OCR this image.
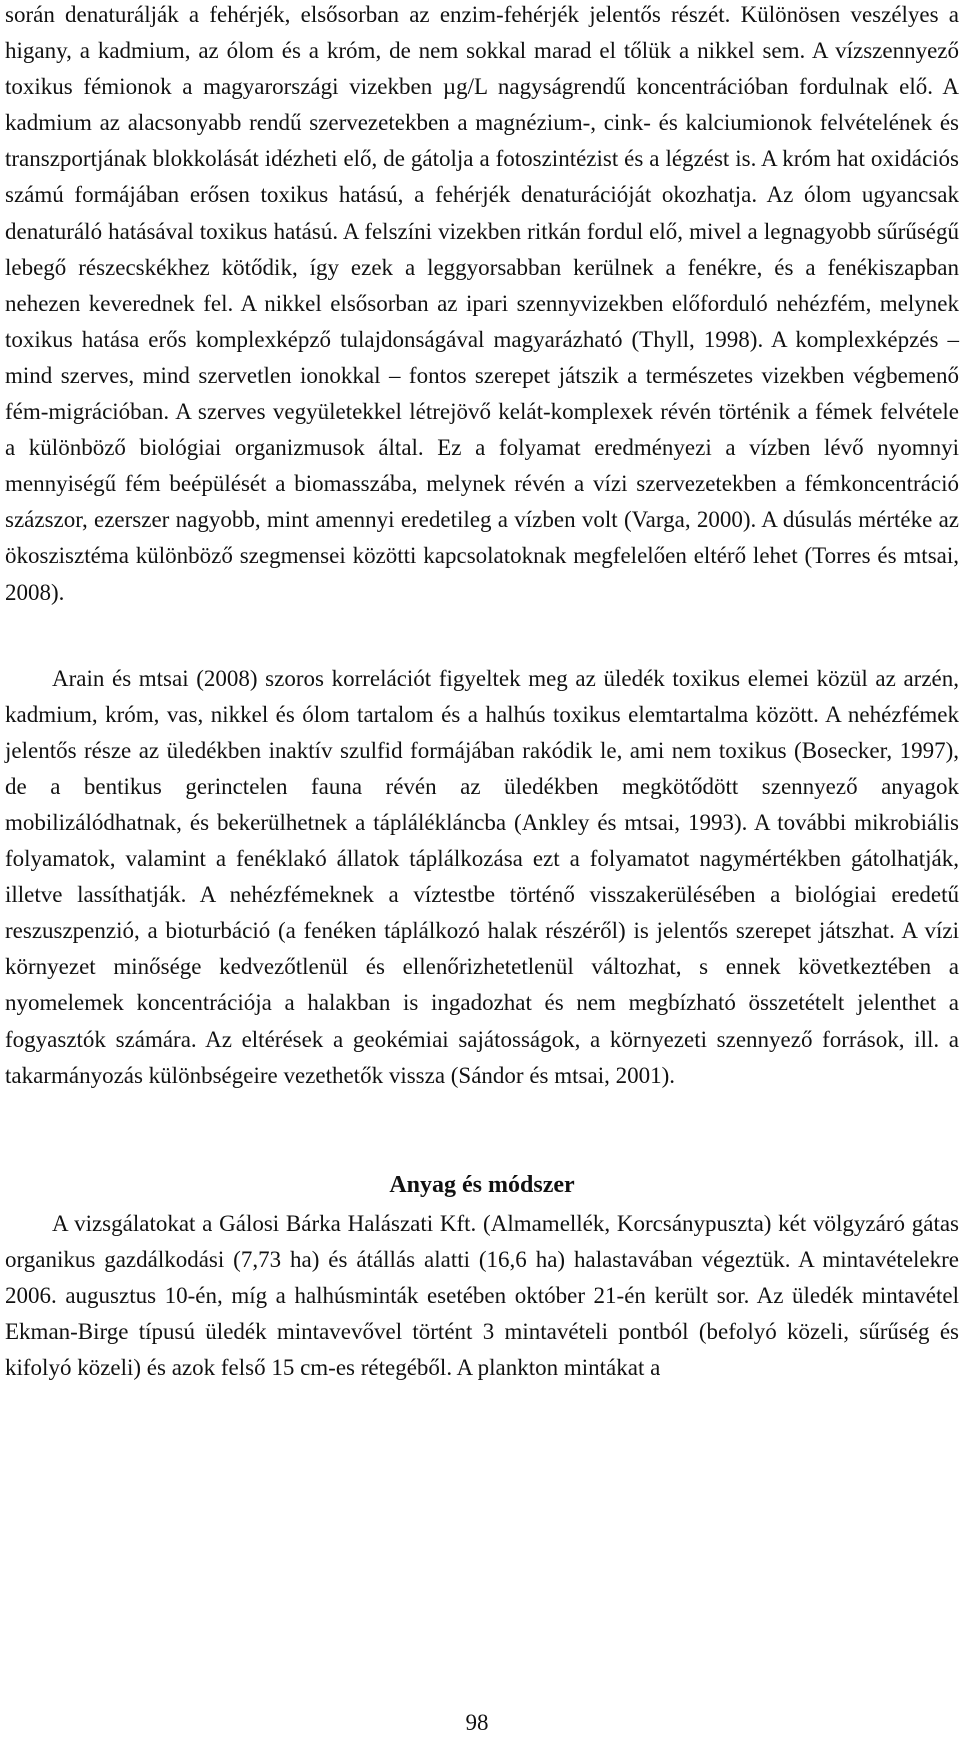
során denaturálják a fehérjék, elsősorban az enzim-fehérjék jelentős részét. Különösen veszélyes a higany, a kadmium, az ólom és a króm, de nem sokkal marad el tőlük a nikkel sem. A vízszennyező toxikus fémionok a magyarországi vizekben µg/L nagyságrendű koncentrációban fordulnak elő. A kadmium az alacsonyabb rendű szervezetekben a magnézium-, cink- és kalciumionok felvételének és transzportjának blokkolását idézheti elő, de gátolja a fotoszintézist és a légzést is. A króm hat oxidációs számú formájában erősen toxikus hatású, a fehérjék denaturációját okozhatja. Az ólom ugyancsak denaturáló hatásával toxikus hatású. A felszíni vizekben ritkán fordul elő, mivel a legnagyobb sűrűségű lebegő részecskékhez kötődik, így ezek a leggyorsabban kerülnek a fenékre, és a fenékiszapban nehezen keverednek fel. A nikkel elsősorban az ipari szennyvizekben előforduló nehézfém, melynek toxikus hatása erős komplexképző tulajdonságával magyarázható (Thyll, 1998). A komplexképzés – mind szerves, mind szervetlen ionokkal – fontos szerepet játszik a természetes vizekben végbemenő fém-migrációban. A szerves vegyületekkel létrejövő kelát-komplexek révén történik a fémek felvétele a különböző biológiai organizmusok által. Ez a folyamat eredményezi a vízben lévő nyomnyi mennyiségű fém beépülését a biomasszába, melynek révén a vízi szervezetekben a fémkoncentráció százszor, ezerszer nagyobb, mint amennyi eredetileg a vízben volt (Varga, 2000). A dúsulás mértéke az ökoszisztéma különböző szegmensei közötti kapcsolatoknak megfelelően eltérő lehet (Torres és mtsai, 2008).

Arain és mtsai (2008) szoros korrelációt figyeltek meg az üledék toxikus elemei közül az arzén, kadmium, króm, vas, nikkel és ólom tartalom és a halhús toxikus elemtartalma között. A nehézfémek jelentős része az üledékben inaktív szulfid formájában rakódik le, ami nem toxikus (Bosecker, 1997), de a bentikus gerinctelen fauna révén az üledékben megkötődött szennyező anyagok mobilizálódhatnak, és bekerülhetnek a táplálékláncba (Ankley és mtsai, 1993). A további mikrobiális folyamatok, valamint a fenéklakó állatok táplálkozása ezt a folyamatot nagymértékben gátolhatják, illetve lassíthatják. A nehézfémeknek a víztestbe történő visszakerülésében a biológiai eredetű reszuszpenzió, a bioturbáció (a fenéken táplálkozó halak részéről) is jelentős szerepet játszhat. A vízi környezet minősége kedvezőtlenül és ellenőrizhetetlenül változhat, s ennek következtében a nyomelemek koncentrációja a halakban is ingadozhat és nem megbízható összetételt jelenthet a fogyasztók számára. Az eltérések a geokémiai sajátosságok, a környezeti szennyező források, ill. a takarmányozás különbségeire vezethetők vissza (Sándor és mtsai, 2001).

Anyag és módszer

A vizsgálatokat a Gálosi Bárka Halászati Kft. (Almamellék, Korcsánypuszta) két völgyzáró gátas organikus gazdálkodási (7,73 ha) és átállás alatti (16,6 ha) halastavában végeztük. A mintavételekre 2006. augusztus 10-én, míg a halhúsminták esetében október 21-én került sor. Az üledék mintavétel Ekman-Birge típusú üledék mintavevővel történt 3 mintavételi pontból (befolyó közeli, sűrűség és kifolyó közeli) és azok felső 15 cm-es rétegéből. A plankton mintákat a

98
